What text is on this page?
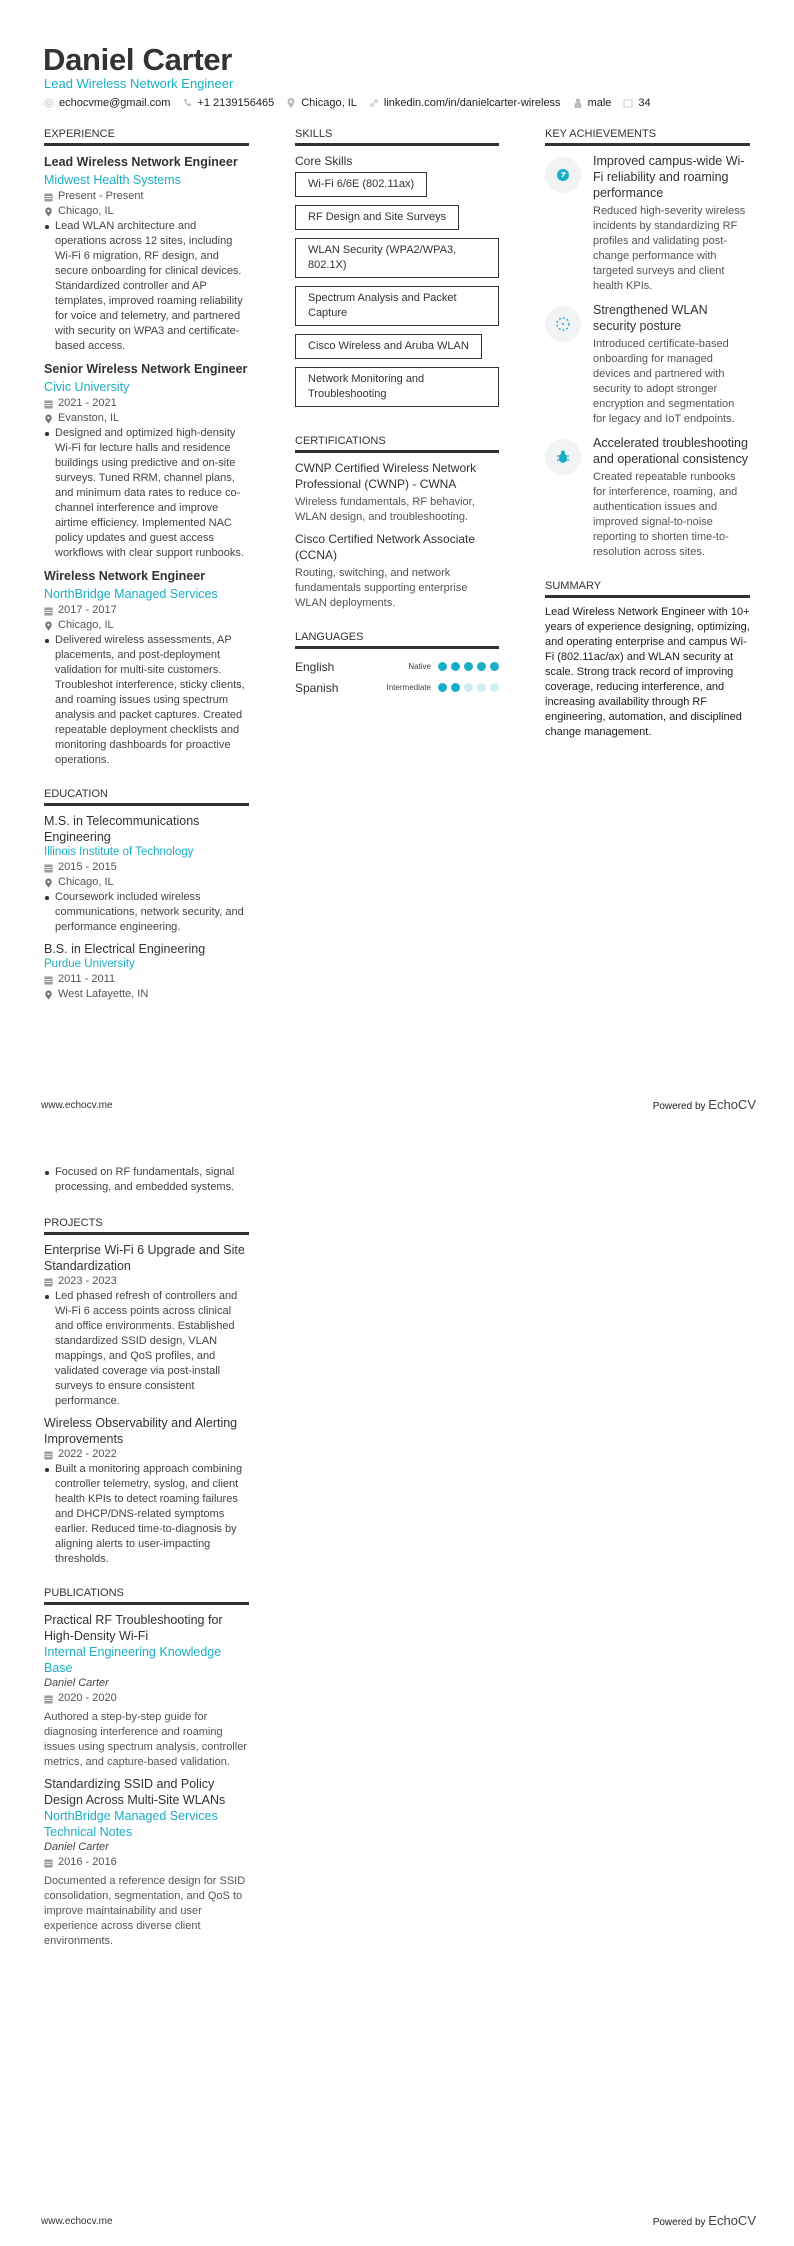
Daniel Carter
Lead Wireless Network Engineer
echocvme@gmail.com +1 2139156465 Chicago, IL linkedin.com/in/danielcarter-wireless male 34
EXPERIENCE
Lead Wireless Network Engineer
Midwest Health Systems
Present - Present
Chicago, IL
Lead WLAN architecture and operations across 12 sites, including Wi-Fi 6 migration, RF design, and secure onboarding for clinical devices. Standardized controller and AP templates, improved roaming reliability for voice and telemetry, and partnered with security on WPA3 and certificate-based access.
Senior Wireless Network Engineer
Civic University
2021 - 2021
Evanston, IL
Designed and optimized high-density Wi-Fi for lecture halls and residence buildings using predictive and on-site surveys. Tuned RRM, channel plans, and minimum data rates to reduce co-channel interference and improve airtime efficiency. Implemented NAC policy updates and guest access workflows with clear support runbooks.
Wireless Network Engineer
NorthBridge Managed Services
2017 - 2017
Chicago, IL
Delivered wireless assessments, AP placements, and post-deployment validation for multi-site customers. Troubleshot interference, sticky clients, and roaming issues using spectrum analysis and packet captures. Created repeatable deployment checklists and monitoring dashboards for proactive operations.
EDUCATION
M.S. in Telecommunications Engineering
Illinois Institute of Technology
2015 - 2015
Chicago, IL
Coursework included wireless communications, network security, and performance engineering.
B.S. in Electrical Engineering
Purdue University
2011 - 2011
West Lafayette, IN
SKILLS
Core Skills
Wi-Fi 6/6E (802.11ax)
RF Design and Site Surveys
WLAN Security (WPA2/WPA3, 802.1X)
Spectrum Analysis and Packet Capture
Cisco Wireless and Aruba WLAN
Network Monitoring and Troubleshooting
CERTIFICATIONS
CWNP Certified Wireless Network Professional (CWNP) - CWNA
Wireless fundamentals, RF behavior, WLAN design, and troubleshooting.
Cisco Certified Network Associate (CCNA)
Routing, switching, and network fundamentals supporting enterprise WLAN deployments.
LANGUAGES
English	Native
Spanish	Intermediate
KEY ACHIEVEMENTS
Improved campus-wide Wi-Fi reliability and roaming performance
Reduced high-severity wireless incidents by standardizing RF profiles and validating post-change performance with targeted surveys and client health KPIs.
Strengthened WLAN security posture
Introduced certificate-based onboarding for managed devices and partnered with security to adopt stronger encryption and segmentation for legacy and IoT endpoints.
Accelerated troubleshooting and operational consistency
Created repeatable runbooks for interference, roaming, and authentication issues and improved signal-to-noise reporting to shorten time-to-resolution across sites.
SUMMARY
Lead Wireless Network Engineer with 10+ years of experience designing, optimizing, and operating enterprise and campus Wi-Fi (802.11ac/ax) and WLAN security at scale. Strong track record of improving coverage, reducing interference, and increasing availability through RF engineering, automation, and disciplined change management.
www.echocv.me	Powered by EchoCV
Focused on RF fundamentals, signal processing, and embedded systems.
PROJECTS
Enterprise Wi-Fi 6 Upgrade and Site Standardization
2023 - 2023
Led phased refresh of controllers and Wi-Fi 6 access points across clinical and office environments. Established standardized SSID design, VLAN mappings, and QoS profiles, and validated coverage via post-install surveys to ensure consistent performance.
Wireless Observability and Alerting Improvements
2022 - 2022
Built a monitoring approach combining controller telemetry, syslog, and client health KPIs to detect roaming failures and DHCP/DNS-related symptoms earlier. Reduced time-to-diagnosis by aligning alerts to user-impacting thresholds.
PUBLICATIONS
Practical RF Troubleshooting for High-Density Wi-Fi
Internal Engineering Knowledge Base
Daniel Carter
2020 - 2020
Authored a step-by-step guide for diagnosing interference and roaming issues using spectrum analysis, controller metrics, and capture-based validation.
Standardizing SSID and Policy Design Across Multi-Site WLANs
NorthBridge Managed Services Technical Notes
Daniel Carter
2016 - 2016
Documented a reference design for SSID consolidation, segmentation, and QoS to improve maintainability and user experience across diverse client environments.
www.echocv.me	Powered by EchoCV
